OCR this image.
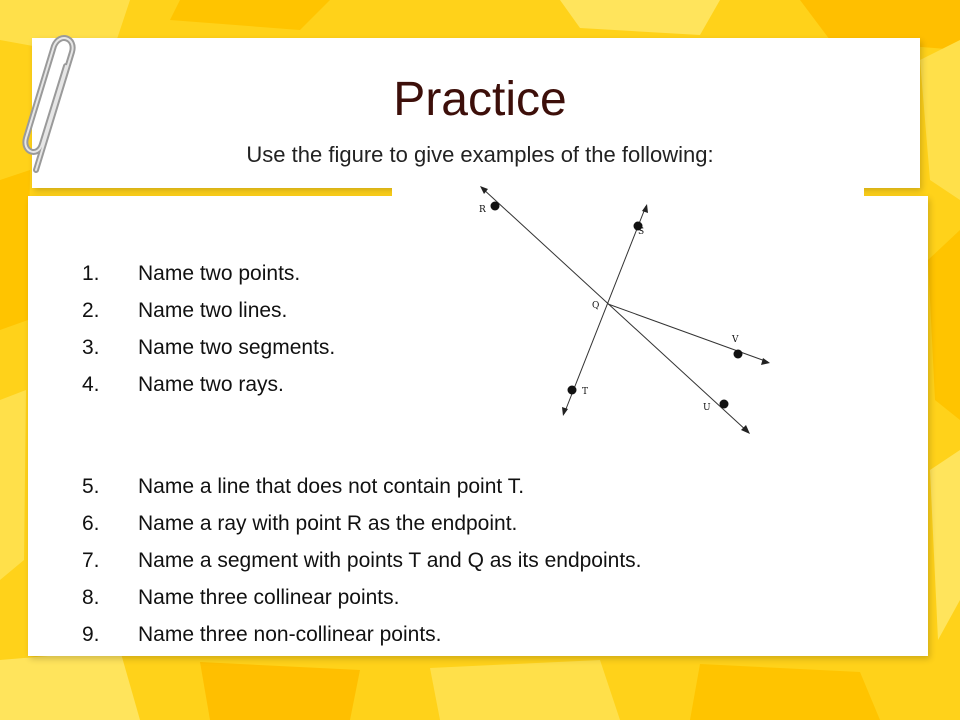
Practice
Use the figure to give examples of the following:
R
S
Q
V
T
U
1. Name two points.
2. Name two lines.
3. Name two segments.
4. Name two rays.
5. Name a line that does not contain point T.
6. Name a ray with point R as the endpoint.
7. Name a segment with points T and Q as its endpoints.
8. Name three collinear points.
9. Name three non-collinear points.
